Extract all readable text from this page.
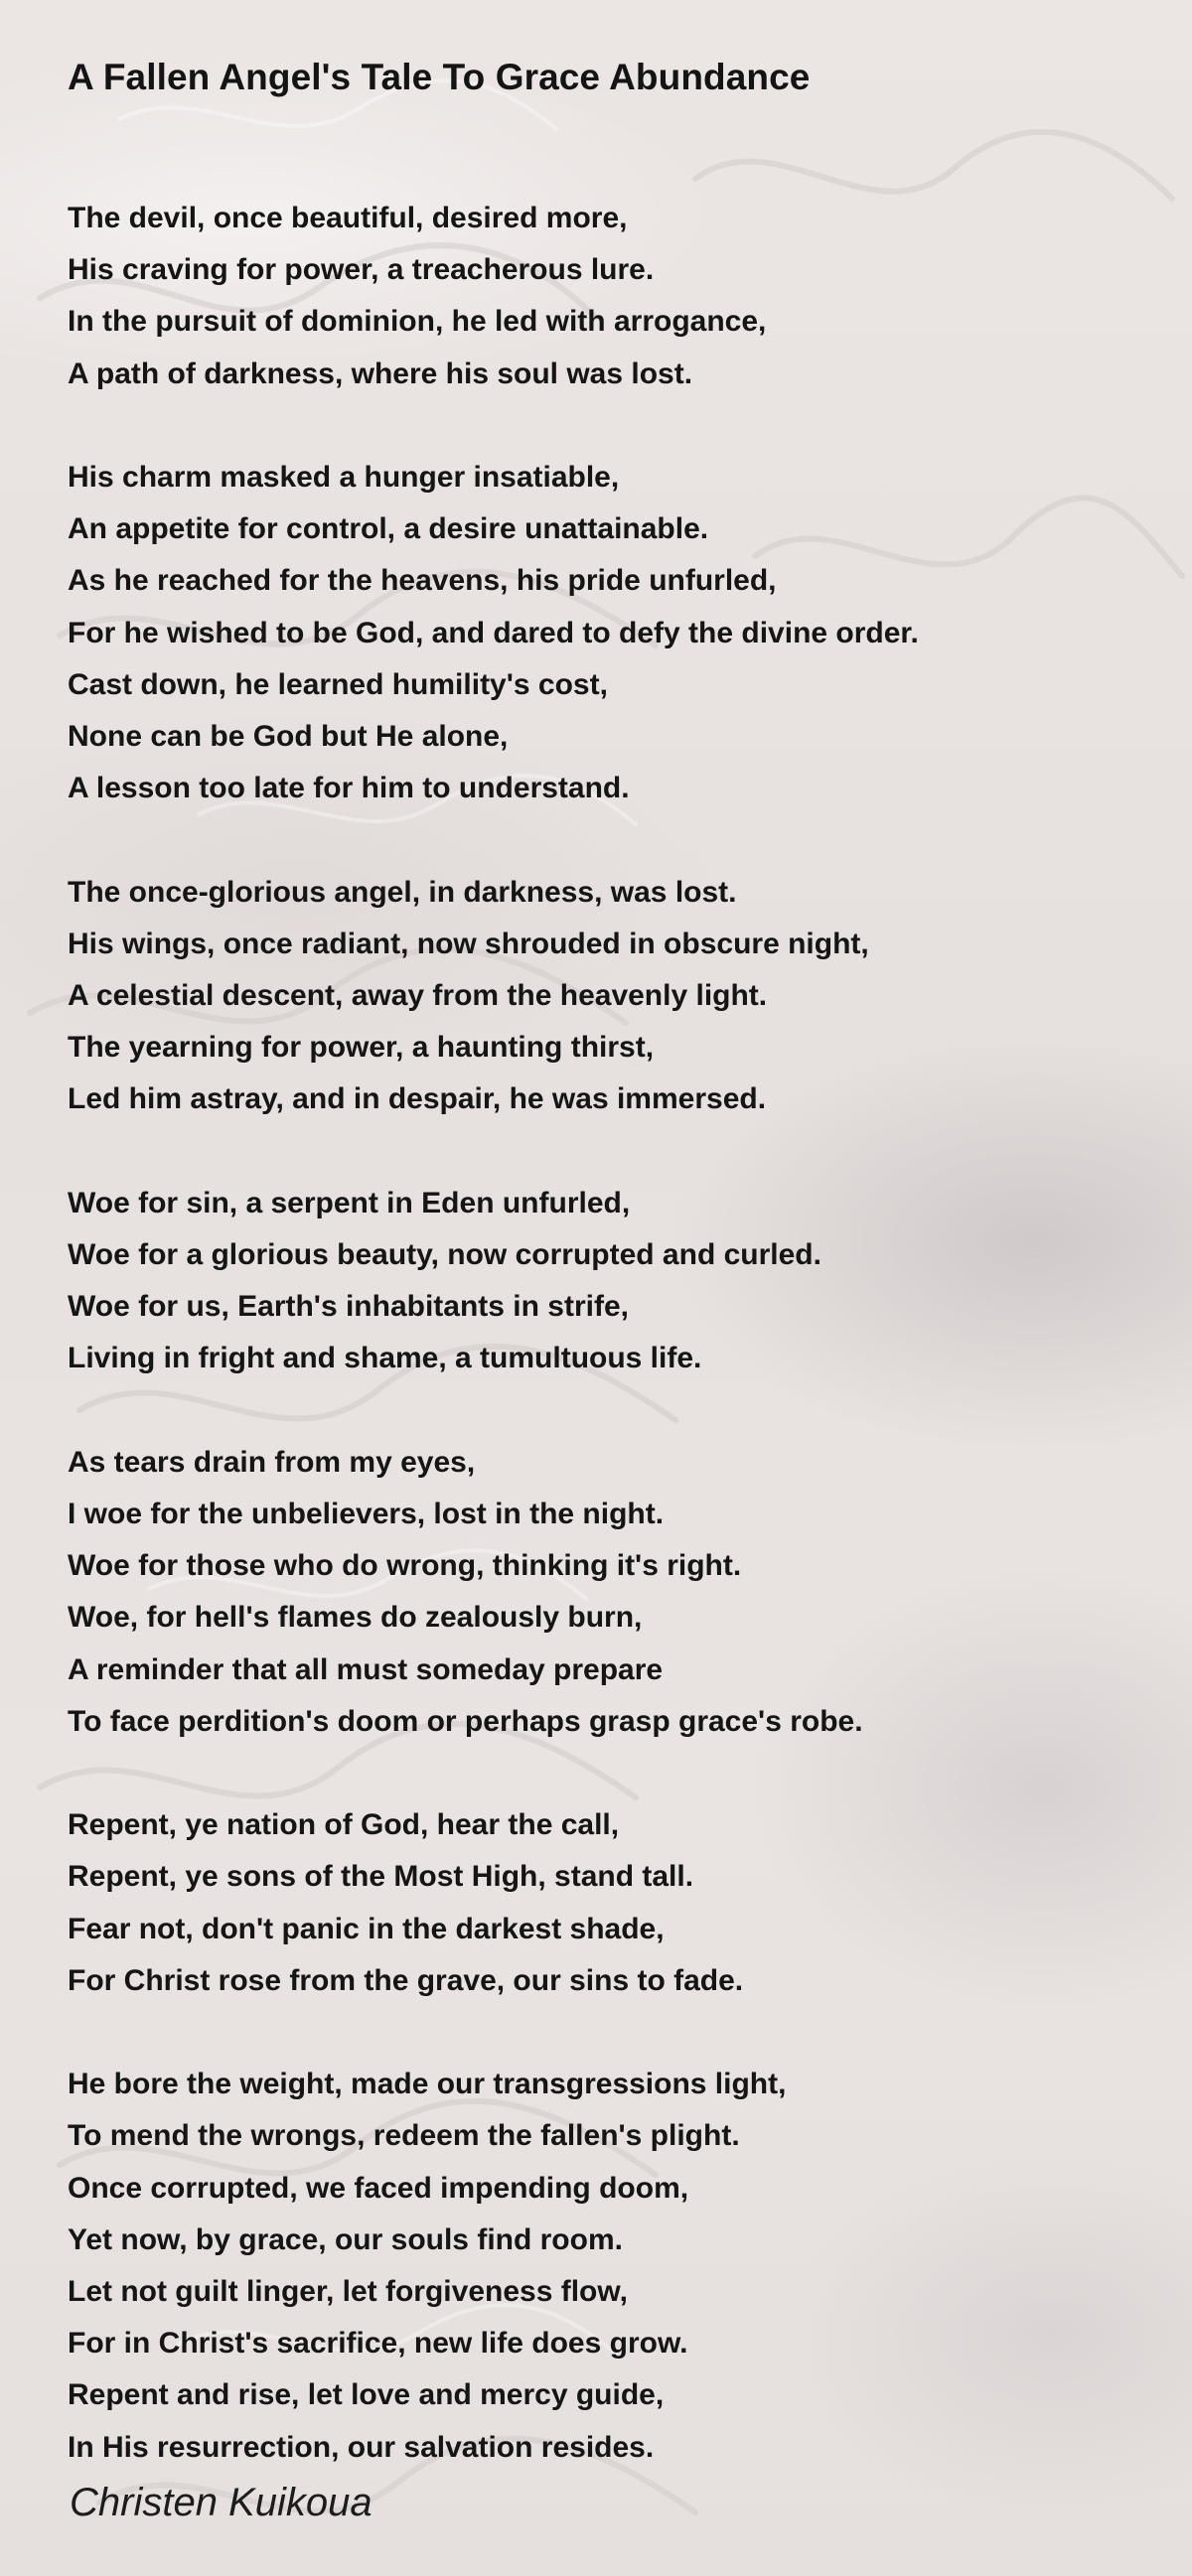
A Fallen Angel's Tale To Grace Abundance
The devil, once beautiful, desired more,
His craving for power, a treacherous lure.
In the pursuit of dominion, he led with arrogance,
A path of darkness, where his soul was lost.
His charm masked a hunger insatiable,
An appetite for control, a desire unattainable.
As he reached for the heavens, his pride unfurled,
For he wished to be God, and dared to defy the divine order.
Cast down, he learned humility's cost,
None can be God but He alone,
A lesson too late for him to understand.
The once-glorious angel, in darkness, was lost.
His wings, once radiant, now shrouded in obscure night,
A celestial descent, away from the heavenly light.
The yearning for power, a haunting thirst,
Led him astray, and in despair, he was immersed.
Woe for sin, a serpent in Eden unfurled,
Woe for a glorious beauty, now corrupted and curled.
Woe for us, Earth's inhabitants in strife,
Living in fright and shame, a tumultuous life.
As tears drain from my eyes,
I woe for the unbelievers, lost in the night.
Woe for those who do wrong, thinking it's right.
Woe, for hell's flames do zealously burn,
A reminder that all must someday prepare
To face perdition's doom or perhaps grasp grace's robe.
Repent, ye nation of God, hear the call,
Repent, ye sons of the Most High, stand tall.
Fear not, don't panic in the darkest shade,
For Christ rose from the grave, our sins to fade.
He bore the weight, made our transgressions light,
To mend the wrongs, redeem the fallen's plight.
Once corrupted, we faced impending doom,
Yet now, by grace, our souls find room.
Let not guilt linger, let forgiveness flow,
For in Christ's sacrifice, new life does grow.
Repent and rise, let love and mercy guide,
In His resurrection, our salvation resides.

Christen Kuikoua
